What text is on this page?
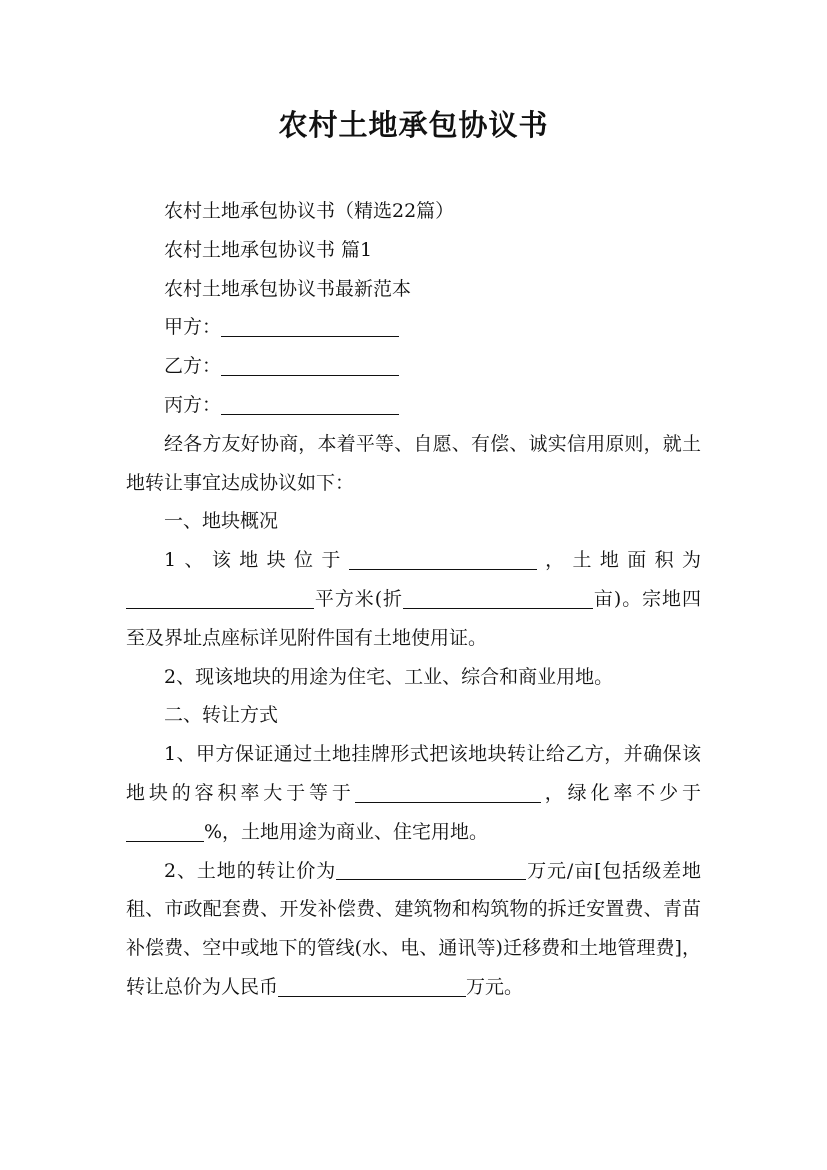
农村土地承包协议书

农村土地承包协议书（精选22篇）

农村土地承包协议书 篇1

农村土地承包协议书最新范本

甲方：

乙方：

丙方：

经各方友好协商，本着平等、自愿、有偿、诚实信用原则，就土地转让事宜达成协议如下：

一、地块概况

1、该地块位于	，土地面积为平方米(折	亩)。宗地四至及界址点座标详见附件国有土地使用证。

2、现该地块的用途为住宅、工业、综合和商业用地。

二、转让方式

1、甲方保证通过土地挂牌形式把该地块转让给乙方，并确保该地块的容积率大于等于	，绿化率不少于%，土地用途为商业、住宅用地。

2、土地的转让价为	万元/亩[包括级差地租、市政配套费、开发补偿费、建筑物和构筑物的拆迁安置费、青苗补偿费、空中或地下的管线(水、电、通讯等)迁移费和土地管理费]，转让总价为人民币	万元。
